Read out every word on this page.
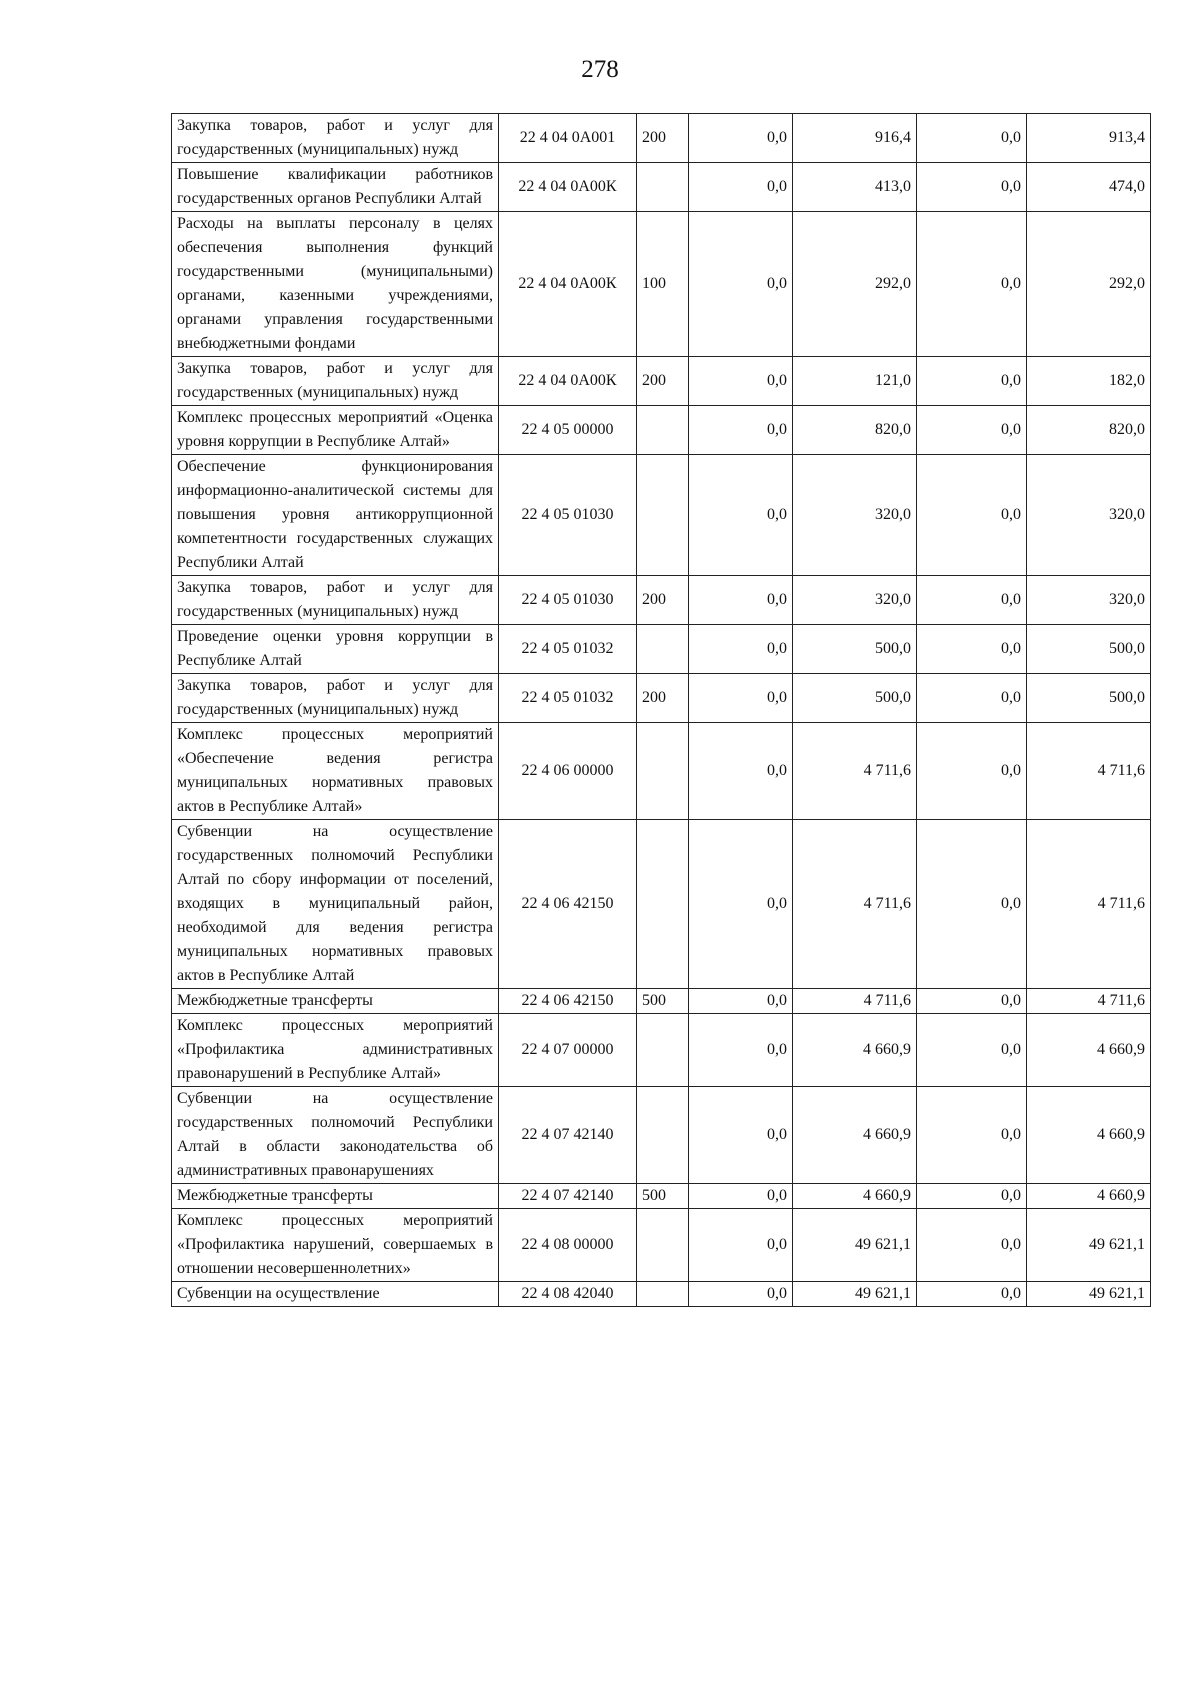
278
Закупка товаров, работ и услуг для государственных (муниципальных) нужд	22 4 04 0А001	200	0,0	916,4	0,0	913,4
Повышение квалификации работников государственных органов Республики Алтай	22 4 04 0А00К		0,0	413,0	0,0	474,0
Расходы на выплаты персоналу в целях обеспечения выполнения функций государственными (муниципальными) органами, казенными учреждениями, органами управления государственными внебюджетными фондами	22 4 04 0А00К	100	0,0	292,0	0,0	292,0
Закупка товаров, работ и услуг для государственных (муниципальных) нужд	22 4 04 0А00К	200	0,0	121,0	0,0	182,0
Комплекс процессных мероприятий «Оценка уровня коррупции в Республике Алтай»	22 4 05 00000		0,0	820,0	0,0	820,0
Обеспечение функционирования информационно-аналитической системы для повышения уровня антикоррупционной компетентности государственных служащих Республики Алтай	22 4 05 01030		0,0	320,0	0,0	320,0
Закупка товаров, работ и услуг для государственных (муниципальных) нужд	22 4 05 01030	200	0,0	320,0	0,0	320,0
Проведение оценки уровня коррупции в Республике Алтай	22 4 05 01032		0,0	500,0	0,0	500,0
Закупка товаров, работ и услуг для государственных (муниципальных) нужд	22 4 05 01032	200	0,0	500,0	0,0	500,0
Комплекс процессных мероприятий «Обеспечение ведения регистра муниципальных нормативных правовых актов в Республике Алтай»	22 4 06 00000		0,0	4 711,6	0,0	4 711,6
Субвенции на осуществление государственных полномочий Республики Алтай по сбору информации от поселений, входящих в муниципальный район, необходимой для ведения регистра муниципальных нормативных правовых актов в Республике Алтай	22 4 06 42150		0,0	4 711,6	0,0	4 711,6
Межбюджетные трансферты	22 4 06 42150	500	0,0	4 711,6	0,0	4 711,6
Комплекс процессных мероприятий «Профилактика административных правонарушений в Республике Алтай»	22 4 07 00000		0,0	4 660,9	0,0	4 660,9
Субвенции на осуществление государственных полномочий Республики Алтай в области законодательства об административных правонарушениях	22 4 07 42140		0,0	4 660,9	0,0	4 660,9
Межбюджетные трансферты	22 4 07 42140	500	0,0	4 660,9	0,0	4 660,9
Комплекс процессных мероприятий «Профилактика нарушений, совершаемых в отношении несовершеннолетних»	22 4 08 00000		0,0	49 621,1	0,0	49 621,1
Субвенции на осуществление	22 4 08 42040		0,0	49 621,1	0,0	49 621,1
